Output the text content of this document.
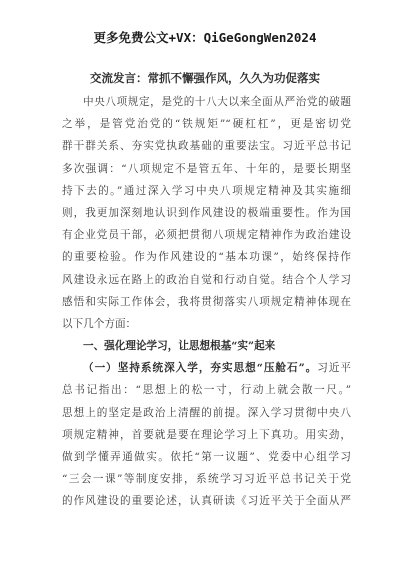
更多免费公文+VX：QiGeGongWen2024
交流发言：常抓不懈强作风，久久为功促落实
中央八项规定，是党的十八大以来全面从严治党的破题
之举，是管党治党的“铁规矩”“硬杠杠”，更是密切党
群干群关系、夯实党执政基础的重要法宝。习近平总书记
多次强调：“八项规定不是管五年、十年的，是要长期坚
持下去的。”通过深入学习中央八项规定精神及其实施细
则，我更加深刻地认识到作风建设的极端重要性。作为国
有企业党员干部，必须把贯彻八项规定精神作为政治建设
的重要检验。作为作风建设的“基本功课”，始终保持作
风建设永远在路上的政治自觉和行动自觉。结合个人学习
感悟和实际工作体会，我将贯彻落实八项规定精神体现在
以下几个方面：
一、强化理论学习，让思想根基“实”起来
（一）坚持系统深入学，夯实思想“压舱石”。习近平
总书记指出：“思想上的松一寸，行动上就会散一尺。”
思想上的坚定是政治上清醒的前提。深入学习贯彻中央八
项规定精神，首要就是要在理论学习上下真功。用实劲，
做到学懂弄通做实。依托“第一议题”、党委中心组学习
“三会一课”等制度安排，系统学习习近平总书记关于党
的作风建设的重要论述，认真研读《习近平关于全面从严
